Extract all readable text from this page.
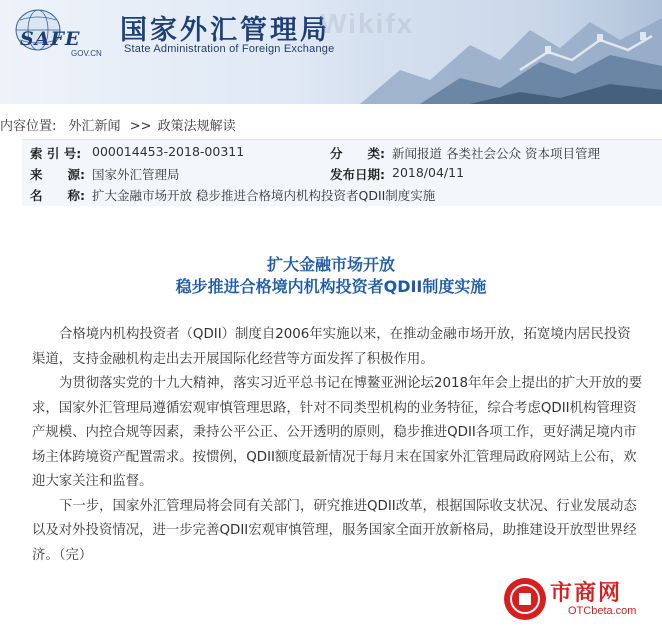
SAFE
GOV.CN
国家外汇管理局
State Administration of Foreign Exchange
Wikifx
内容位置: 外汇新闻 >> 政策法规解读
索 引 号: 000014453-2018-00311	分　　类: 新闻报道 各类社会公众 资本项目管理
来　　源: 国家外汇管理局	发布日期: 2018/04/11
名　　称: 扩大金融市场开放 稳步推进合格境内机构投资者QDII制度实施
扩大金融市场开放
稳步推进合格境内机构投资者QDII制度实施

合格境内机构投资者（QDII）制度自2006年实施以来，在推动金融市场开放，拓宽境内居民投资渠道，支持金融机构走出去开展国际化经营等方面发挥了积极作用。

为贯彻落实党的十九大精神，落实习近平总书记在博鳌亚洲论坛2018年年会上提出的扩大开放的要求，国家外汇管理局遵循宏观审慎管理思路，针对不同类型机构的业务特征，综合考虑QDII机构管理资产规模、内控合规等因素，秉持公平公正、公开透明的原则，稳步推进QDII各项工作，更好满足境内市场主体跨境资产配置需求。按惯例，QDII额度最新情况于每月末在国家外汇管理局政府网站上公布，欢迎大家关注和监督。

下一步，国家外汇管理局将会同有关部门，研究推进QDII改革，根据国际收支状况、行业发展动态以及对外投资情况，进一步完善QDII宏观审慎管理，服务国家全面开放新格局，助推建设开放型世界经济。（完）

市商网
OTCbeta.com
